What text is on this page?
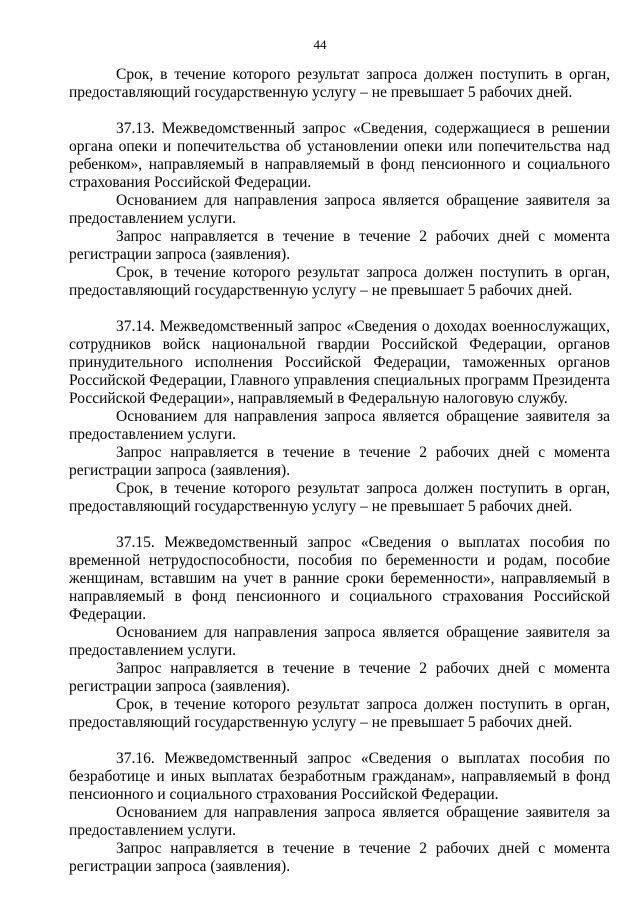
44

Срок, в течение которого результат запроса должен поступить в орган, предоставляющий государственную услугу – не превышает 5 рабочих дней.

37.13. Межведомственный запрос «Сведения, содержащиеся в решении органа опеки и попечительства об установлении опеки или попечительства над ребенком», направляемый в направляемый в фонд пенсионного и социального страхования Российской Федерации.

Основанием для направления запроса является обращение заявителя за предоставлением услуги.

Запрос направляется в течение в течение 2 рабочих дней с момента регистрации запроса (заявления).

Срок, в течение которого результат запроса должен поступить в орган, предоставляющий государственную услугу – не превышает 5 рабочих дней.

37.14. Межведомственный запрос «Сведения о доходах военнослужащих, сотрудников войск национальной гвардии Российской Федерации, органов принудительного исполнения Российской Федерации, таможенных органов Российской Федерации, Главного управления специальных программ Президента Российской Федерации», направляемый в Федеральную налоговую службу.

Основанием для направления запроса является обращение заявителя за предоставлением услуги.

Запрос направляется в течение в течение 2 рабочих дней с момента регистрации запроса (заявления).

Срок, в течение которого результат запроса должен поступить в орган, предоставляющий государственную услугу – не превышает 5 рабочих дней.

37.15. Межведомственный запрос «Сведения о выплатах пособия по временной нетрудоспособности, пособия по беременности и родам, пособие женщинам, вставшим на учет в ранние сроки беременности», направляемый в направляемый в фонд пенсионного и социального страхования Российской Федерации.

Основанием для направления запроса является обращение заявителя за предоставлением услуги.

Запрос направляется в течение в течение 2 рабочих дней с момента регистрации запроса (заявления).

Срок, в течение которого результат запроса должен поступить в орган, предоставляющий государственную услугу – не превышает 5 рабочих дней.

37.16. Межведомственный запрос «Сведения о выплатах пособия по безработице и иных выплатах безработным гражданам», направляемый в фонд пенсионного и социального страхования Российской Федерации.

Основанием для направления запроса является обращение заявителя за предоставлением услуги.

Запрос направляется в течение в течение 2 рабочих дней с момента регистрации запроса (заявления).
